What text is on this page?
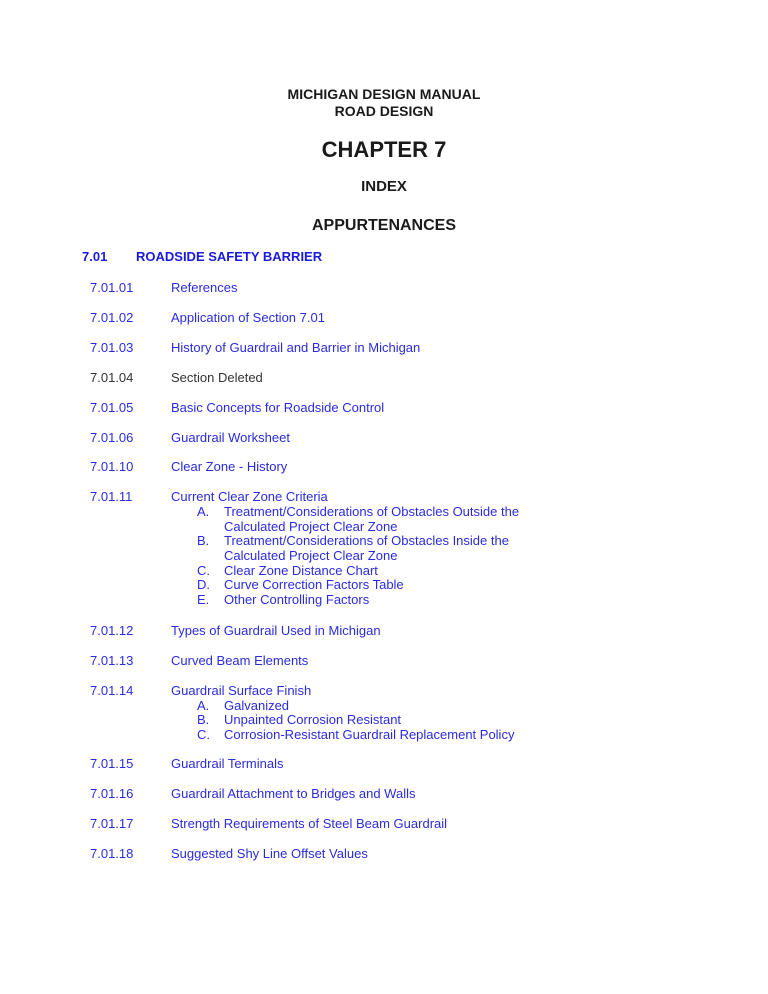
MICHIGAN DESIGN MANUAL
ROAD DESIGN
CHAPTER 7
INDEX
APPURTENANCES
7.01 ROADSIDE SAFETY BARRIER
7.01.01	References
7.01.02	Application of Section 7.01
7.01.03	History of Guardrail and Barrier in Michigan
7.01.04	Section Deleted
7.01.05	Basic Concepts for Roadside Control
7.01.06	Guardrail Worksheet
7.01.10	Clear Zone - History
7.01.11	Current Clear Zone Criteria
A. Treatment/Considerations of Obstacles Outside the
Calculated Project Clear Zone
B. Treatment/Considerations of Obstacles Inside the
Calculated Project Clear Zone
C. Clear Zone Distance Chart
D. Curve Correction Factors Table
E. Other Controlling Factors
7.01.12	Types of Guardrail Used in Michigan
7.01.13	Curved Beam Elements
7.01.14	Guardrail Surface Finish
A. Galvanized
B. Unpainted Corrosion Resistant
C. Corrosion-Resistant Guardrail Replacement Policy
7.01.15	Guardrail Terminals
7.01.16	Guardrail Attachment to Bridges and Walls
7.01.17	Strength Requirements of Steel Beam Guardrail
7.01.18	Suggested Shy Line Offset Values
